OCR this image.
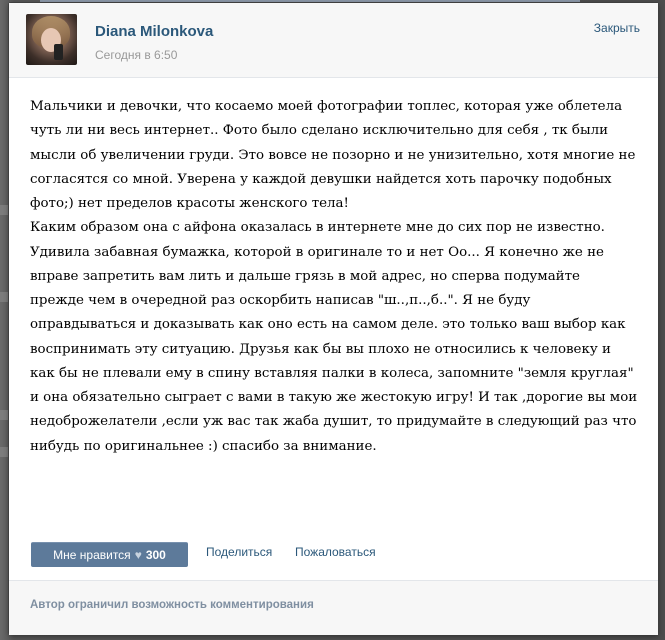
Diana Milonkova
Сегодня в 6:50
Закрыть
Мальчики и девочки, что косаемо моей фотографии топлес, которая уже облетела чуть ли ни весь интернет.. Фото было сделано исключительно для себя , тк были мысли об увеличении груди. Это вовсе не позорно и не унизительно, хотя многие не согласятся со мной. Уверена у каждой девушки найдется хоть парочку подобных фото;) нет пределов красоты женского тела!
Каким образом она с айфона оказалась в интернете мне до сих пор не известно. Удивила забавная бумажка, которой в оригинале то и нет Оо... Я конечно же не вправе запретить вам лить и дальше грязь в мой адрес, но сперва подумайте прежде чем в очередной раз оскорбить написав "ш..,п..,б..". Я не буду оправдываться и доказывать как оно есть на самом деле. это только ваш выбор как воспринимать эту ситуацию. Друзья как бы вы плохо не относились к человеку и как бы не плевали ему в спину вставляя палки в колеса, запомните "земля круглая" и она обязательно сыграет с вами в такую же жестокую игру! И так ,дорогие вы мои недоброжелатели ,если уж вас так жаба душит, то придумайте в следующий раз что нибудь по оригинальнее :) спасибо за внимание.
Мне нравится ♥ 300	Поделиться Пожаловаться
Автор ограничил возможность комментирования
